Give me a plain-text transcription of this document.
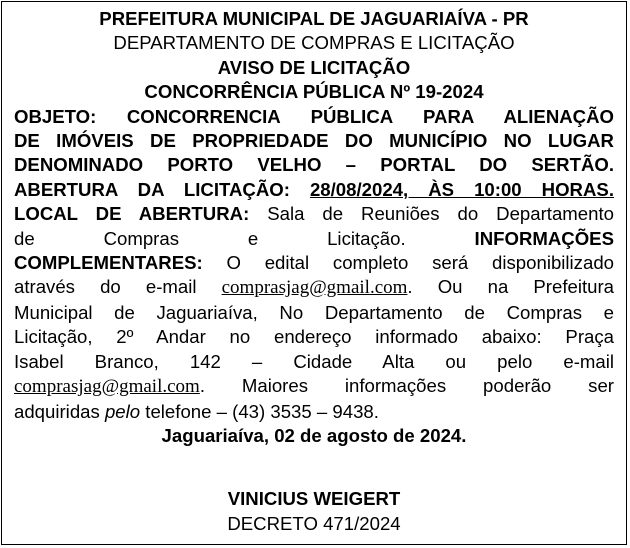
PREFEITURA MUNICIPAL DE JAGUARIAÍVA - PR
DEPARTAMENTO DE COMPRAS E LICITAÇÃO
AVISO DE LICITAÇÃO
CONCORRÊNCIA PÚBLICA Nº 19-2024
OBJETO: CONCORRENCIA PÚBLICA PARA ALIENAÇÃO
DE IMÓVEIS DE PROPRIEDADE DO MUNICÍPIO NO LUGAR
DENOMINADO PORTO VELHO – PORTAL DO SERTÃO.
ABERTURA DA LICITAÇÃO: 28/08/2024, ÀS 10:00 HORAS.
LOCAL DE ABERTURA: Sala de Reuniões do Departamento
de	Compras	e	Licitação.	INFORMAÇÕES
COMPLEMENTARES: O edital completo será disponibilizado
através do e-mail comprasjag@gmail.com. Ou na Prefeitura
Municipal de Jaguariaíva, No Departamento de Compras e
Licitação, 2º Andar no endereço informado abaixo: Praça
Isabel Branco, 142 – Cidade Alta ou pelo e-mail
comprasjag@gmail.com. Maiores informações poderão ser
adquiridas pelo telefone – (43) 3535 – 9438.
Jaguariaíva, 02 de agosto de 2024.
VINICIUS WEIGERT
DECRETO 471/2024
